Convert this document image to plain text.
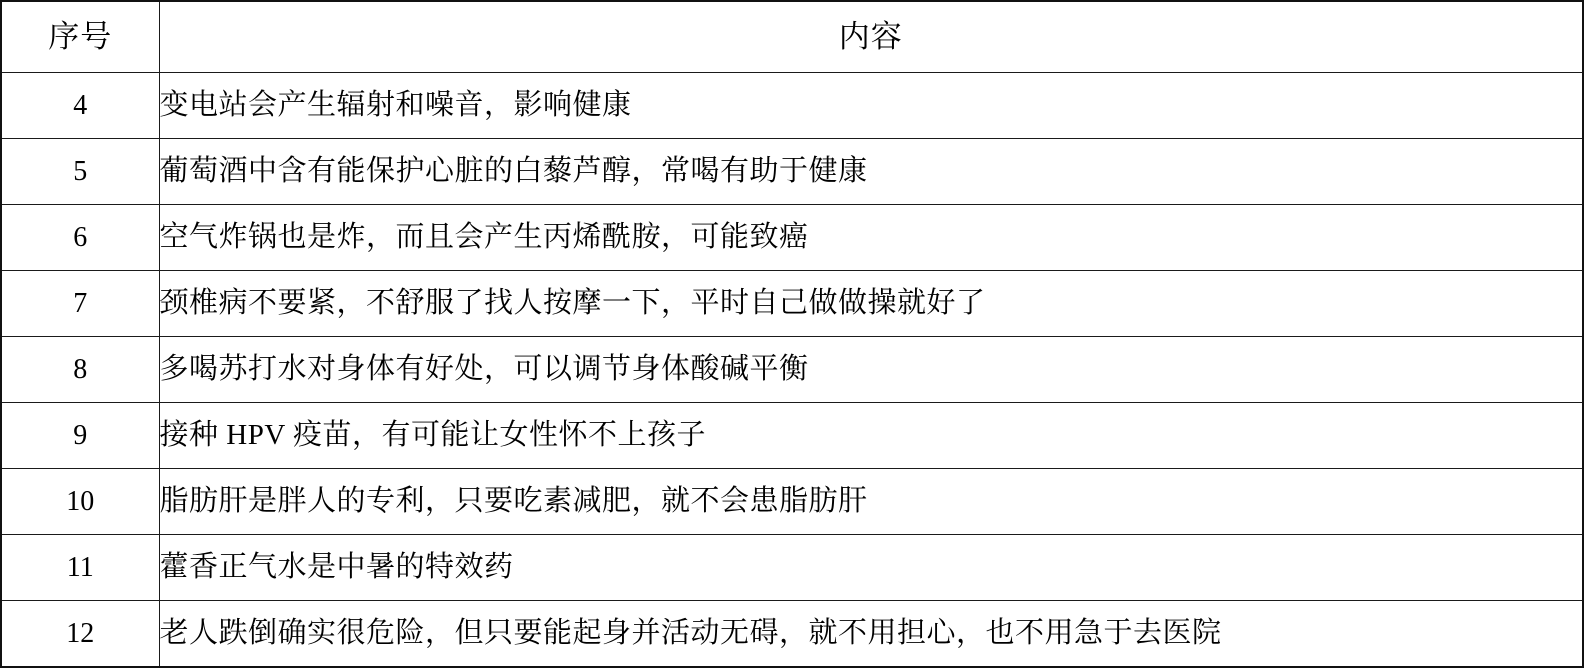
序号	内容
4	变电站会产生辐射和噪音，影响健康
5	葡萄酒中含有能保护心脏的白藜芦醇，常喝有助于健康
6	空气炸锅也是炸，而且会产生丙烯酰胺，可能致癌
7	颈椎病不要紧，不舒服了找人按摩一下，平时自己做做操就好了
8	多喝苏打水对身体有好处，可以调节身体酸碱平衡
9	接种 HPV 疫苗，有可能让女性怀不上孩子
10	脂肪肝是胖人的专利，只要吃素减肥，就不会患脂肪肝
11	藿香正气水是中暑的特效药
12	老人跌倒确实很危险，但只要能起身并活动无碍，就不用担心，也不用急于去医院
